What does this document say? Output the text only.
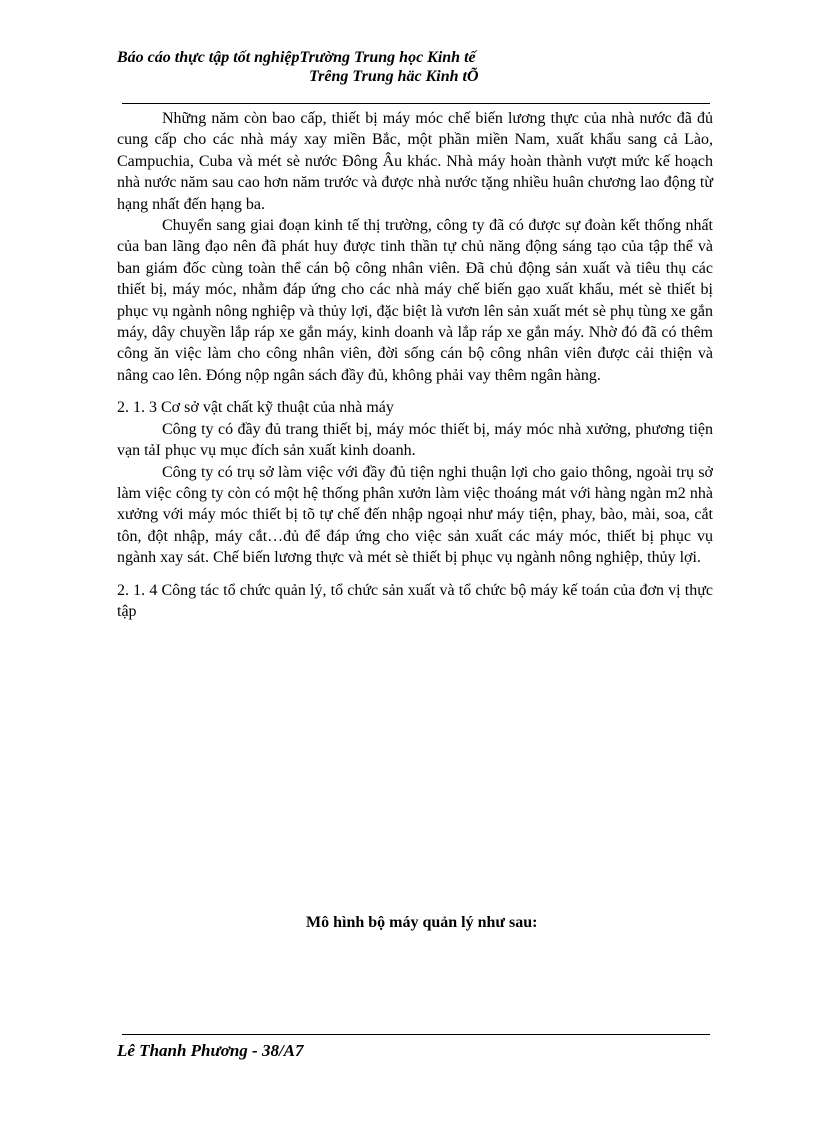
Báo cáo thực tập tốt nghiệpTrường Trung học Kinh tế
Trêng Trung häc Kinh tÕ

Những năm còn bao cấp, thiết bị máy móc chế biến lương thực của nhà nước đã đủ cung cấp cho các nhà máy xay miền Bắc, một phần miền Nam, xuất khẩu sang cả Lào, Campuchia, Cuba và mét sè nước Đông Âu khác. Nhà máy hoàn thành vượt mức kế hoạch nhà nước năm sau cao hơn năm trước và được nhà nước tặng nhiều huân chương lao động từ hạng nhất đến hạng ba.

Chuyển sang giai đoạn kinh tế thị trường, công ty đã có được sự đoàn kết thống nhất của ban lãng đạo nên đã phát huy được tinh thần tự chủ năng động sáng tạo của tập thể và ban giám đốc cùng toàn thể cán bộ công nhân viên. Đã chủ động sản xuất và tiêu thụ các thiết bị, máy móc, nhằm đáp ứng cho các nhà máy chế biến gạo xuất khẩu, mét sè thiết bị phục vụ ngành nông nghiệp và thủy lợi, đặc biệt là vươn lên sản xuất mét sè phụ tùng xe gắn máy, dây chuyền lắp ráp xe gắn máy, kinh doanh và lắp ráp xe gắn máy. Nhờ đó đã có thêm công ăn việc làm cho công nhân viên, đời sống cán bộ công nhân viên được cải thiện và nâng cao lên. Đóng nộp ngân sách đầy đủ, không phải vay thêm ngân hàng.

2. 1. 3 Cơ sở vật chất kỹ thuật của nhà máy

Công ty có đầy đủ trang thiết bị, máy móc thiết bị, máy móc nhà xưởng, phương tiện vạn tảI phục vụ mục đích sản xuất kinh doanh.

Công ty có trụ sở làm việc với đầy đủ tiện nghi thuận lợi cho gaio thông, ngoài trụ sở làm việc công ty còn có một hệ thống phân xưởn làm việc thoáng mát với hàng ngàn m2 nhà xưởng với máy móc thiết bị tõ tự chế đến nhập ngoại như máy tiện, phay, bào, mài, soa, cắt tôn, đột nhập, máy cắt…đủ để đáp ứng cho việc sản xuất các máy móc, thiết bị phục vụ ngành xay sát. Chế biến lương thực và mét sè thiết bị phục vụ ngành nông nghiệp, thủy lợi.

2. 1. 4 Công tác tổ chức quản lý, tổ chức sản xuất và tổ chức bộ máy kế toán của đơn vị thực tập

Mô hình bộ máy quản lý như sau:
Lê Thanh Phương - 38/A7
